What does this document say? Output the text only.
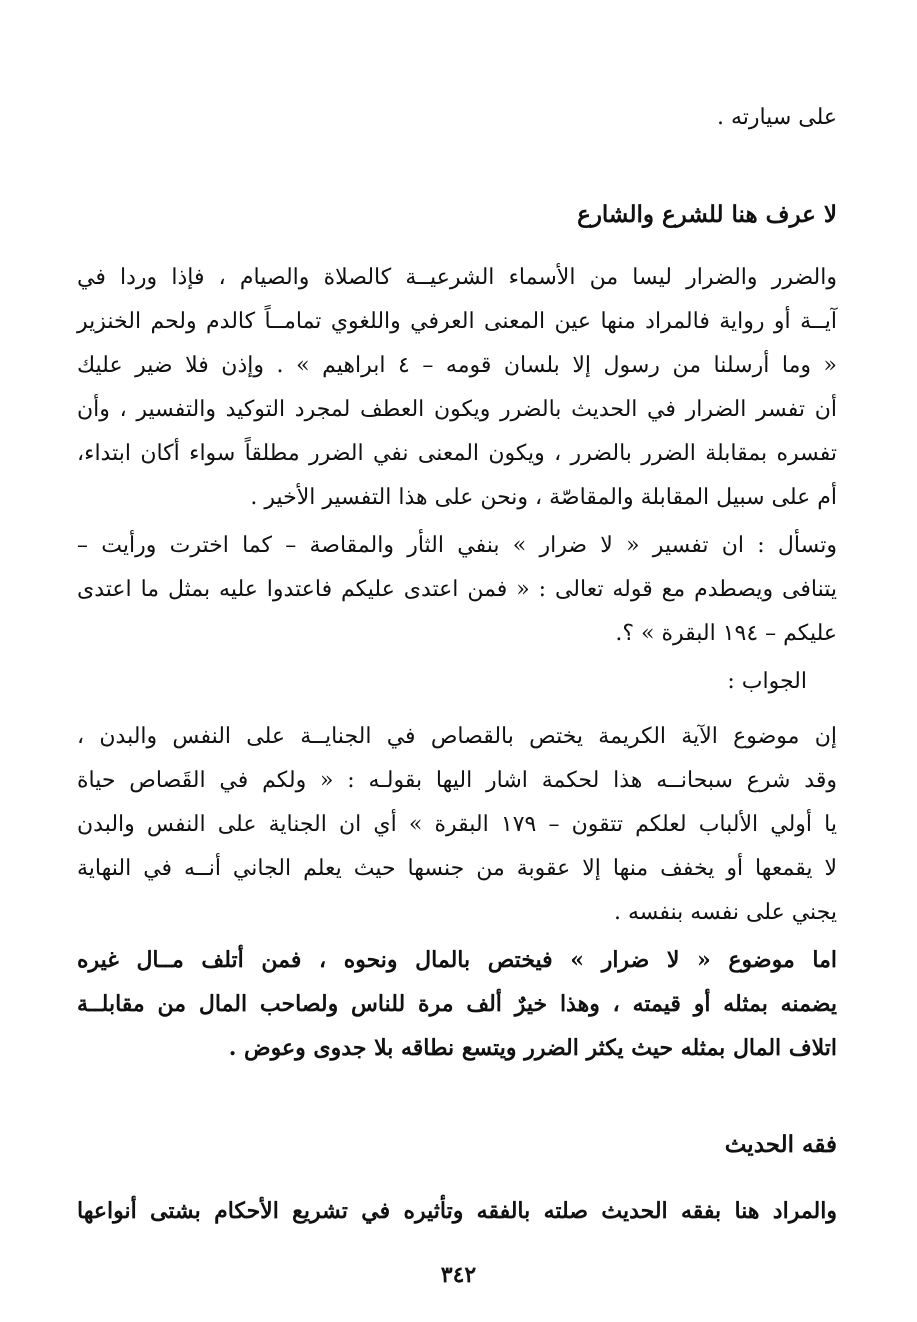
على سيارته .
لا عرف هنا للشرع والشارع
والضرر والضرار ليسا من الأسماء الشرعيــة كالصلاة والصيام ، فإذا وردا في
آيــة أو رواية فالمراد منها عين المعنى العرفي واللغوي تمامــاً كالدم ولحم الخنزير
« وما أرسلنا من رسول إلا بلسان قومه – ٤ ابراهيم » . وإذن فلا ضير عليك
أن تفسر الضرار في الحديث بالضرر ويكون العطف لمجرد التوكيد والتفسير ، وأن
تفسره بمقابلة الضرر بالضرر ، ويكون المعنى نفي الضرر مطلقاً سواء أكان ابتداء،
أم على سبيل المقابلة والمقاصّة ، ونحن على هذا التفسير الأخير .
وتسأل : ان تفسير « لا ضرار » بنفي الثأر والمقاصة – كما اخترت ورأيت –
يتنافى ويصطدم مع قوله تعالى : « فمن اعتدى عليكم فاعتدوا عليه بمثل ما اعتدى
عليكم – ١٩٤ البقرة » ؟.
الجواب :
إن موضوع الآية الكريمة يختص بالقصاص في الجنايــة على النفس والبدن ،
وقد شرع سبحانــه هذا لحكمة اشار اليها بقولـه : « ولكم في القَصاص حياة
يا أولي الألباب لعلكم تتقون – ١٧٩ البقرة » أي ان الجناية على النفس والبدن
لا يقمعها أو يخفف منها إلا عقوبة من جنسها حيث يعلم الجاني أنــه في النهاية
يجني على نفسه بنفسه .
اما موضوع « لا ضرار » فيختص بالمال ونحوه ، فمن أتلف مــال غيره
يضمنه بمثله أو قيمته ، وهذا خيرٌ ألف مرة للناس ولصاحب المال من مقابلــة
اتلاف المال بمثله حيث يكثر الضرر ويتسع نطاقه بلا جدوى وعوض .
فقه الحديث
والمراد هنا بفقه الحديث صلته بالفقه وتأثيره في تشريع الأحكام بشتى أنواعها
٣٤٢
